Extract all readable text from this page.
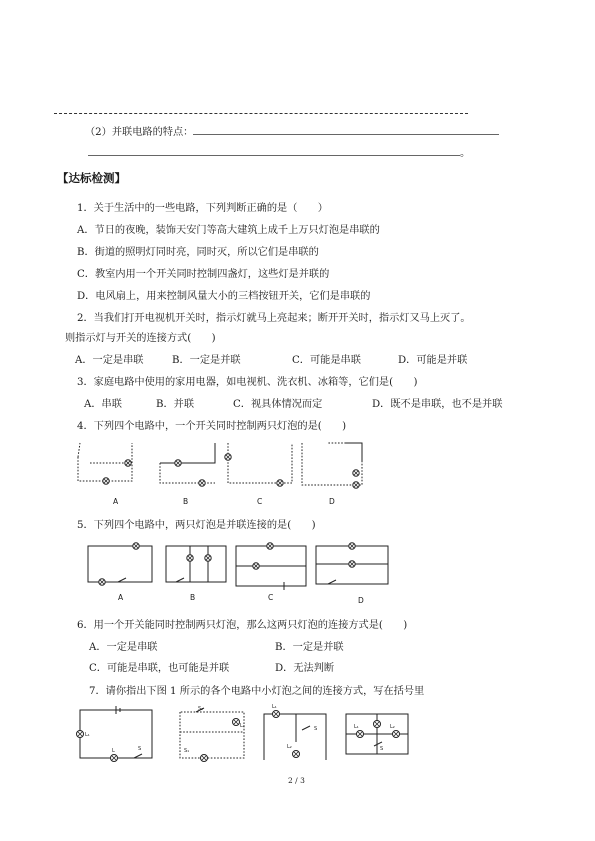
（2）并联电路的特点：
。
【达标检测】
1．关于生活中的一些电路，下列判断正确的是（　　）
A．节日的夜晚，装饰天安门等高大建筑上成千上万只灯泡是串联的
B．街道的照明灯同时亮，同时灭，所以它们是串联的
C．教室内用一个开关同时控制四盏灯，这些灯是并联的
D．电风扇上，用来控制风量大小的三档按钮开关，它们是串联的
2．当我们打开电视机开关时，指示灯就马上亮起来；断开开关时，指示灯又马上灭了。
则指示灯与开关的连接方式(　　)
A．一定是串联	B．一定是并联	C．可能是串联	D．可能是并联
3．家庭电路中使用的家用电器，如电视机、洗衣机、冰箱等，它们是(　　)
A．串联	B．并联	C．视具体情况而定	D．既不是串联，也不是并联
4．下列四个电路中，一个开关同时控制两只灯泡的是(　　)
A	B	C	D
5．下列四个电路中，两只灯泡是并联连接的是(　　)
A	B	C	D
6．用一个开关能同时控制两只灯泡，那么这两只灯泡的连接方式是(　　)
A．一定是串联	B．一定是并联
C．可能是串联，也可能是并联	D．无法判断
7．请你指出下图 1 所示的各个电路中小灯泡之间的连接方式，写在括号里
L₁
L	S
L₂
S₂
S₁
L₁
S
L₂
L₁	L₂
S
2 / 3
